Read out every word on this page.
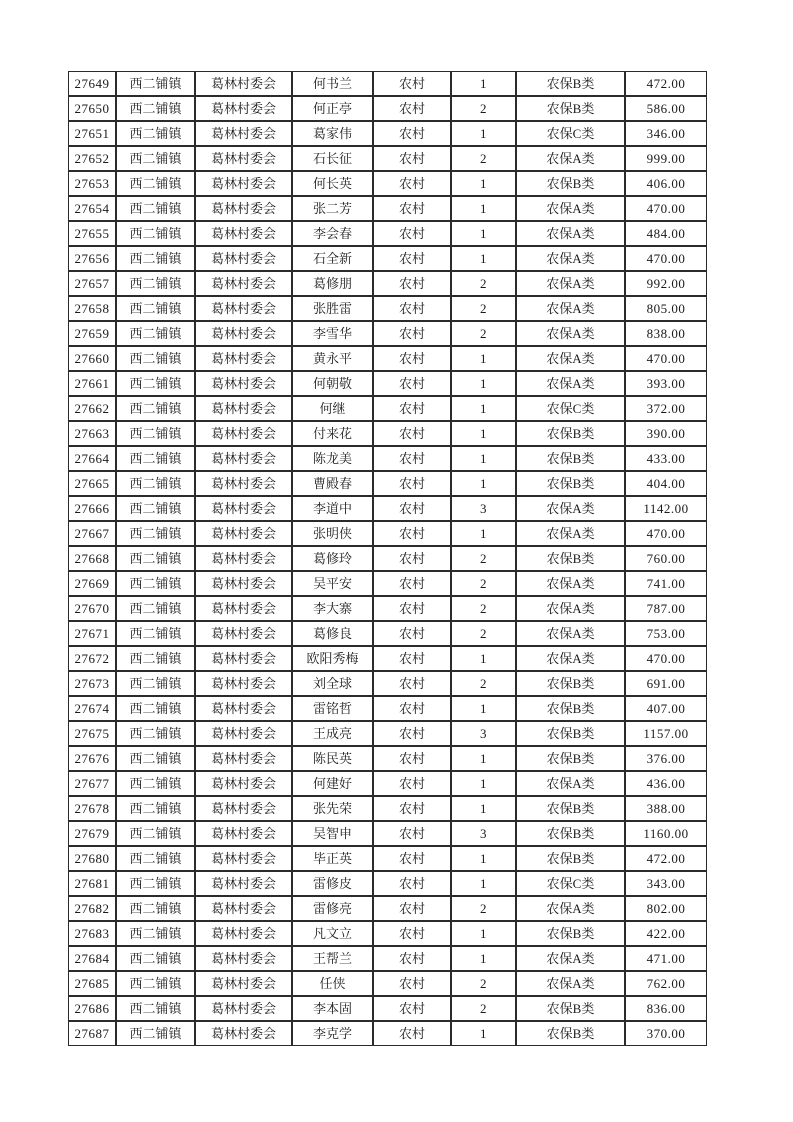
27649	西二铺镇	葛林村委会	何书兰	农村	1	农保B类	472.00
27650	西二铺镇	葛林村委会	何正亭	农村	2	农保B类	586.00
27651	西二铺镇	葛林村委会	葛家伟	农村	1	农保C类	346.00
27652	西二铺镇	葛林村委会	石长征	农村	2	农保A类	999.00
27653	西二铺镇	葛林村委会	何长英	农村	1	农保B类	406.00
27654	西二铺镇	葛林村委会	张二芳	农村	1	农保A类	470.00
27655	西二铺镇	葛林村委会	李会春	农村	1	农保A类	484.00
27656	西二铺镇	葛林村委会	石全新	农村	1	农保A类	470.00
27657	西二铺镇	葛林村委会	葛修朋	农村	2	农保A类	992.00
27658	西二铺镇	葛林村委会	张胜雷	农村	2	农保A类	805.00
27659	西二铺镇	葛林村委会	李雪华	农村	2	农保A类	838.00
27660	西二铺镇	葛林村委会	黄永平	农村	1	农保A类	470.00
27661	西二铺镇	葛林村委会	何朝敬	农村	1	农保A类	393.00
27662	西二铺镇	葛林村委会	何继	农村	1	农保C类	372.00
27663	西二铺镇	葛林村委会	付来花	农村	1	农保B类	390.00
27664	西二铺镇	葛林村委会	陈龙美	农村	1	农保B类	433.00
27665	西二铺镇	葛林村委会	曹殿春	农村	1	农保B类	404.00
27666	西二铺镇	葛林村委会	李道中	农村	3	农保A类	1142.00
27667	西二铺镇	葛林村委会	张明侠	农村	1	农保A类	470.00
27668	西二铺镇	葛林村委会	葛修玲	农村	2	农保B类	760.00
27669	西二铺镇	葛林村委会	吴平安	农村	2	农保A类	741.00
27670	西二铺镇	葛林村委会	李大寨	农村	2	农保A类	787.00
27671	西二铺镇	葛林村委会	葛修良	农村	2	农保A类	753.00
27672	西二铺镇	葛林村委会	欧阳秀梅	农村	1	农保A类	470.00
27673	西二铺镇	葛林村委会	刘全球	农村	2	农保B类	691.00
27674	西二铺镇	葛林村委会	雷铭哲	农村	1	农保B类	407.00
27675	西二铺镇	葛林村委会	王成亮	农村	3	农保B类	1157.00
27676	西二铺镇	葛林村委会	陈民英	农村	1	农保B类	376.00
27677	西二铺镇	葛林村委会	何建好	农村	1	农保A类	436.00
27678	西二铺镇	葛林村委会	张先荣	农村	1	农保B类	388.00
27679	西二铺镇	葛林村委会	吴智申	农村	3	农保B类	1160.00
27680	西二铺镇	葛林村委会	毕正英	农村	1	农保B类	472.00
27681	西二铺镇	葛林村委会	雷修皮	农村	1	农保C类	343.00
27682	西二铺镇	葛林村委会	雷修亮	农村	2	农保A类	802.00
27683	西二铺镇	葛林村委会	凡文立	农村	1	农保B类	422.00
27684	西二铺镇	葛林村委会	王帮兰	农村	1	农保A类	471.00
27685	西二铺镇	葛林村委会	任侠	农村	2	农保A类	762.00
27686	西二铺镇	葛林村委会	李本固	农村	2	农保B类	836.00
27687	西二铺镇	葛林村委会	李克学	农村	1	农保B类	370.00
